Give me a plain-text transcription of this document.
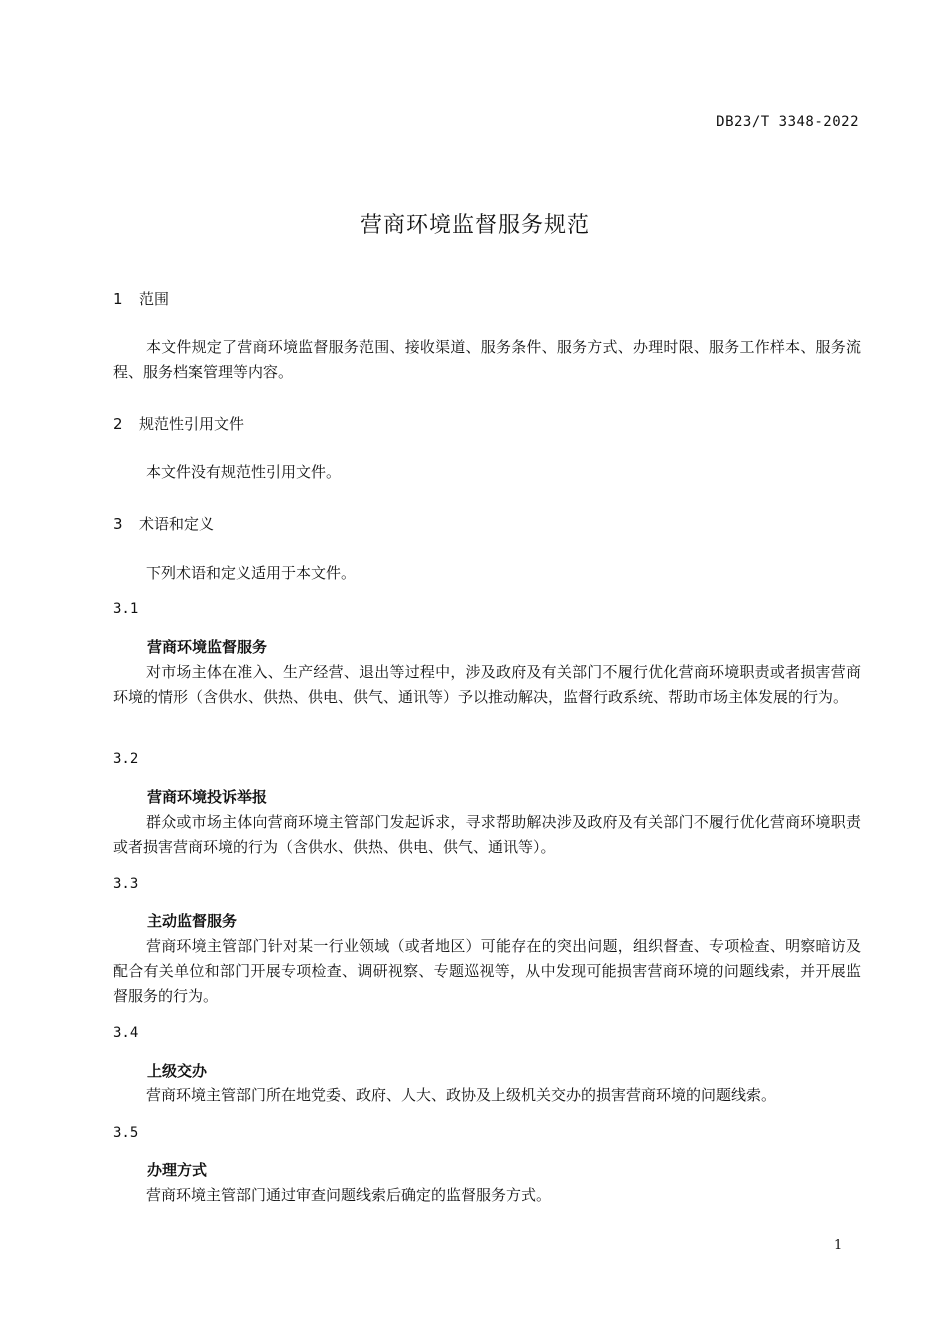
DB23/T 3348-2022
营商环境监督服务规范
1 范围

本文件规定了营商环境监督服务范围、接收渠道、服务条件、服务方式、办理时限、服务工作样本、服务流程、服务档案管理等内容。

2 规范性引用文件

本文件没有规范性引用文件。

3 术语和定义

下列术语和定义适用于本文件。

3.1
营商环境监督服务

对市场主体在准入、生产经营、退出等过程中，涉及政府及有关部门不履行优化营商环境职责或者损害营商环境的情形（含供水、供热、供电、供气、通讯等）予以推动解决，监督行政系统、帮助市场主体发展的行为。

3.2
营商环境投诉举报

群众或市场主体向营商环境主管部门发起诉求，寻求帮助解决涉及政府及有关部门不履行优化营商环境职责或者损害营商环境的行为（含供水、供热、供电、供气、通讯等）。

3.3
主动监督服务

营商环境主管部门针对某一行业领域（或者地区）可能存在的突出问题，组织督查、专项检查、明察暗访及配合有关单位和部门开展专项检查、调研视察、专题巡视等，从中发现可能损害营商环境的问题线索，并开展监督服务的行为。

3.4
上级交办

营商环境主管部门所在地党委、政府、人大、政协及上级机关交办的损害营商环境的问题线索。

3.5
办理方式

营商环境主管部门通过审查问题线索后确定的监督服务方式。

1
